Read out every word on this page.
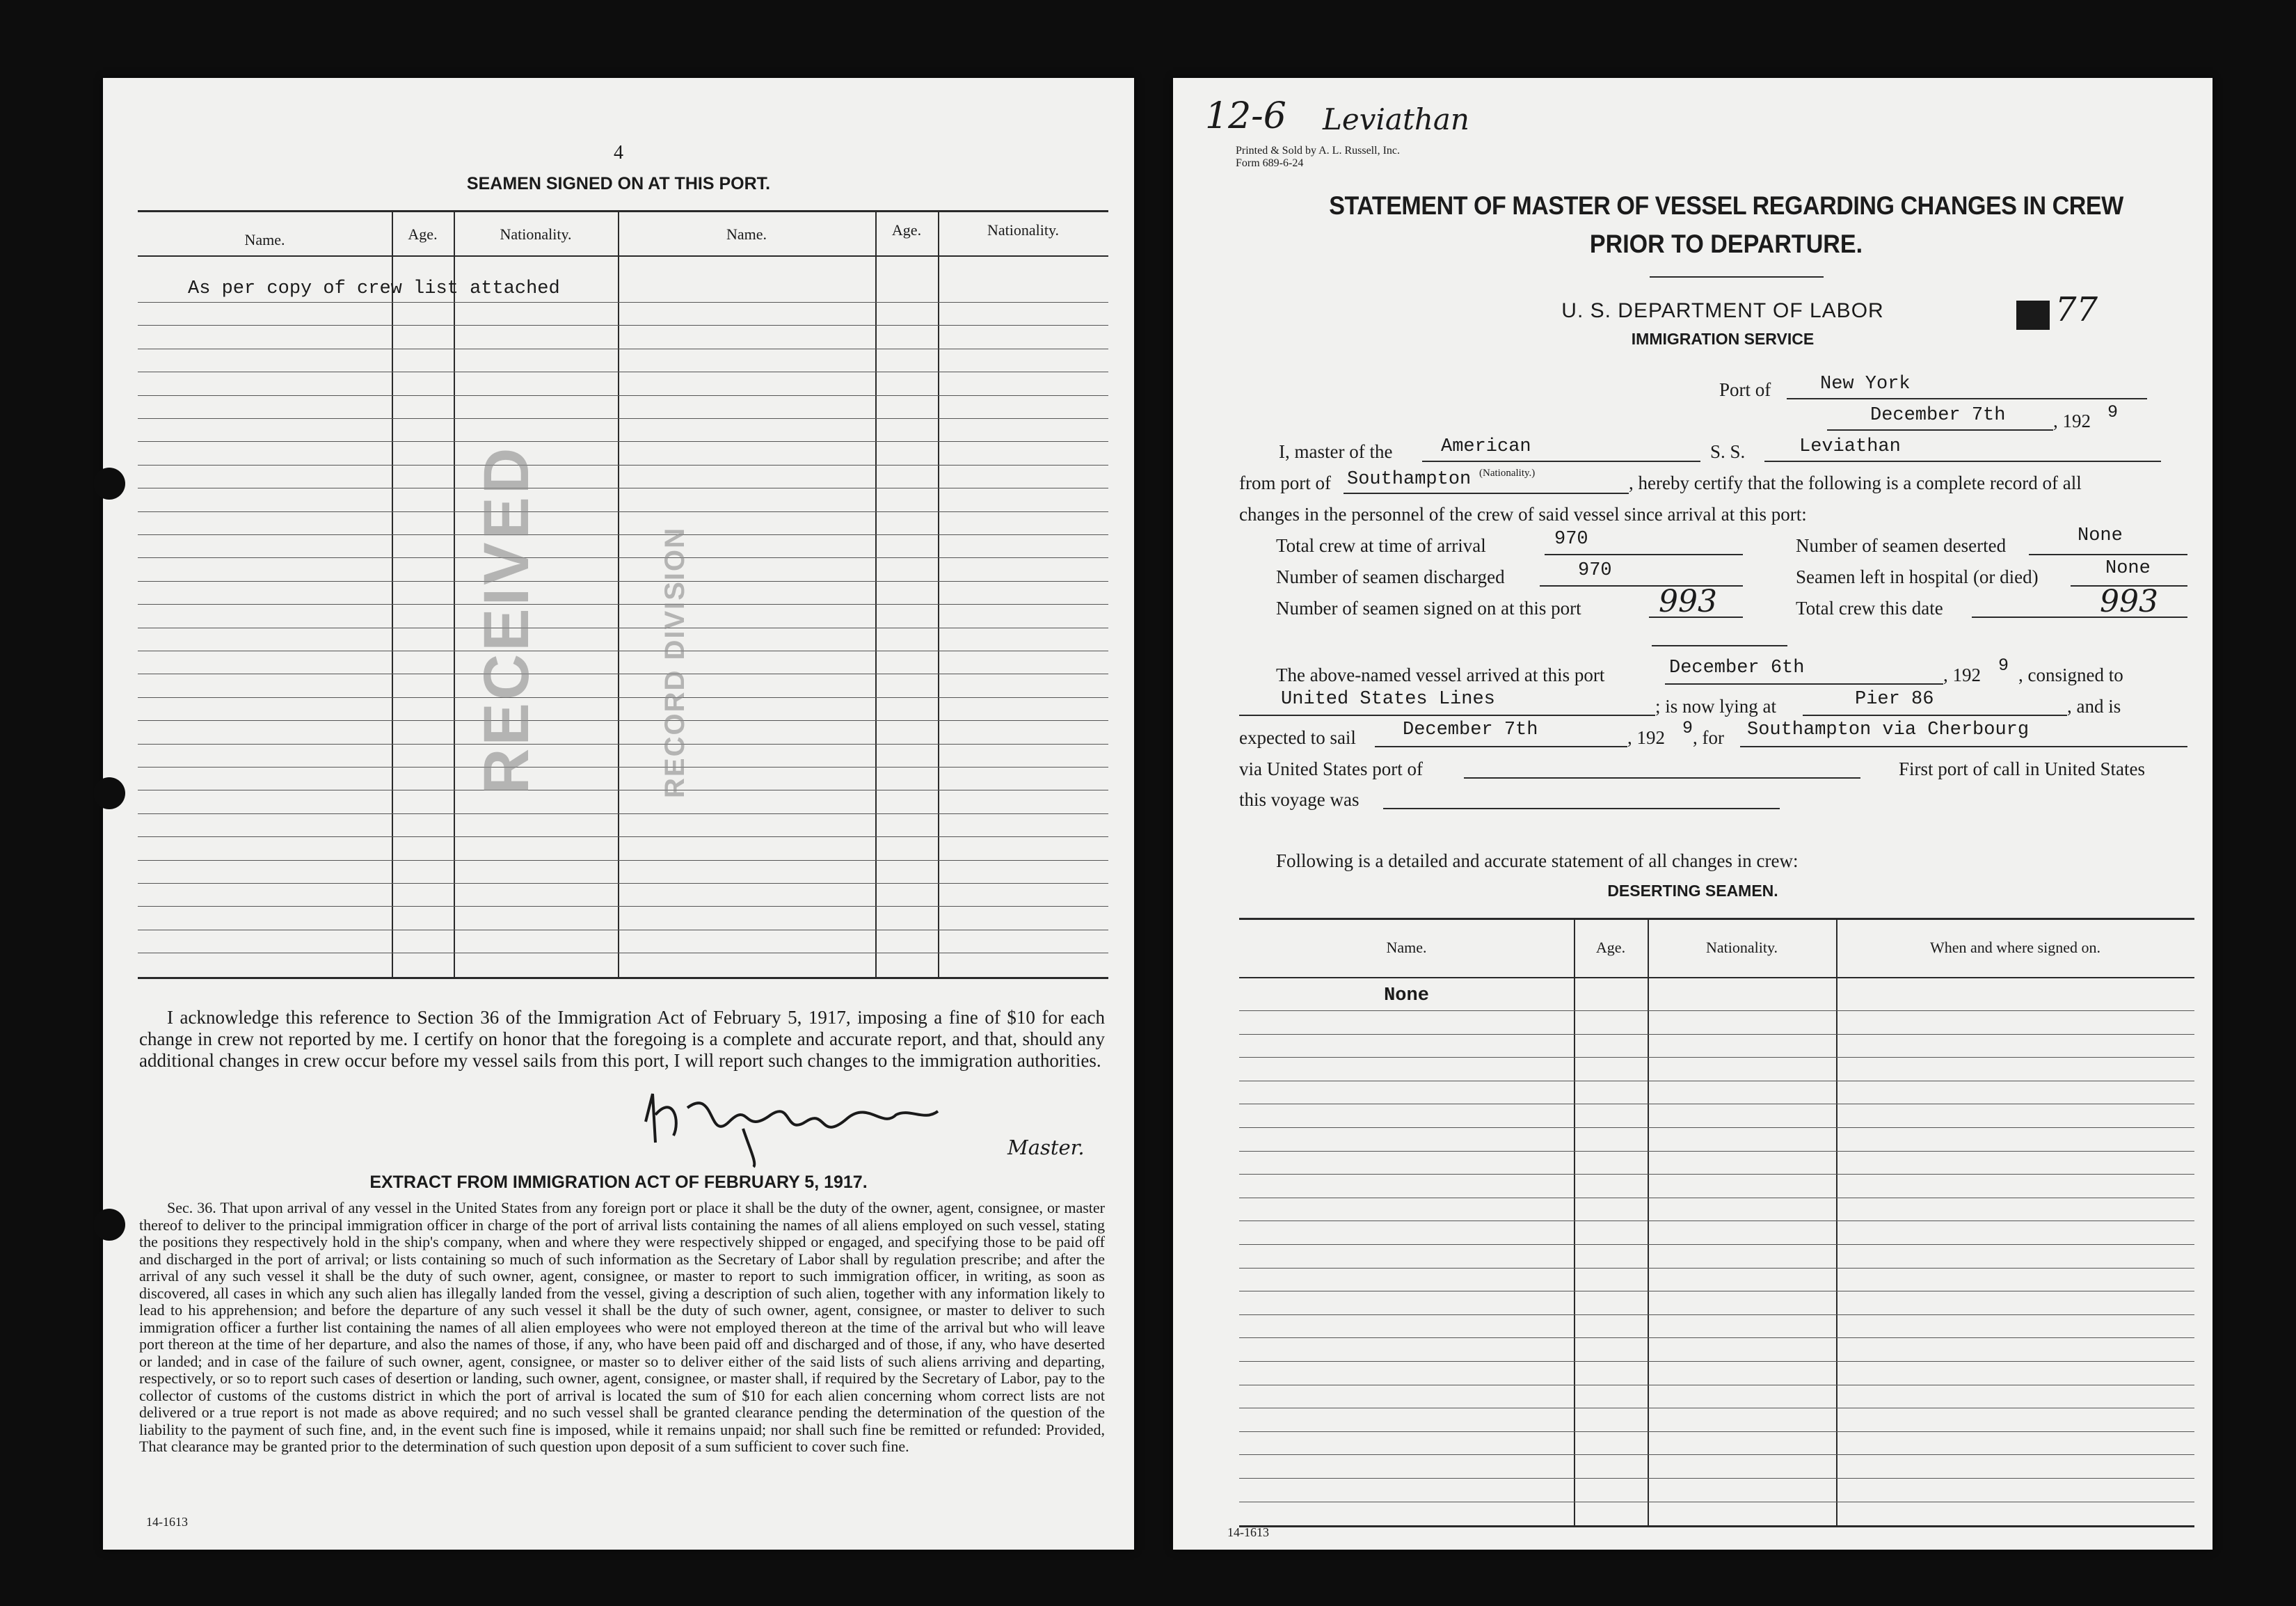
4
SEAMEN SIGNED ON AT THIS PORT.
Name.	Age.	Nationality.	Name.	Age.	Nationality.
As per copy of crew list attached
RECEIVED	RECORD DIVISION
I acknowledge this reference to Section 36 of the Immigration Act of February 5, 1917, imposing a fine of $10 for each change in crew not reported by me. I certify on honor that the foregoing is a complete and accurate report, and that, should any additional changes in crew occur before my vessel sails from this port, I will report such changes to the immigration authorities.
Master.
EXTRACT FROM IMMIGRATION ACT OF FEBRUARY 5, 1917.
Sec. 36. That upon arrival of any vessel in the United States from any foreign port or place it shall be the duty of the owner, agent, consignee, or master thereof to deliver to the principal immigration officer in charge of the port of arrival lists containing the names of all aliens employed on such vessel, stating the positions they respectively hold in the ship's company, when and where they were respectively shipped or engaged, and specifying those to be paid off and discharged in the port of arrival; or lists containing so much of such information as the Secretary of Labor shall by regulation prescribe; and after the arrival of any such vessel it shall be the duty of such owner, agent, consignee, or master to report to such immigration officer, in writing, as soon as discovered, all cases in which any such alien has illegally landed from the vessel, giving a description of such alien, together with any information likely to lead to his apprehension; and before the departure of any such vessel it shall be the duty of such owner, agent, consignee, or master to deliver to such immigration officer a further list containing the names of all alien employees who were not employed thereon at the time of the arrival but who will leave port thereon at the time of her departure, and also the names of those, if any, who have been paid off and discharged and of those, if any, who have deserted or landed; and in case of the failure of such owner, agent, consignee, or master so to deliver either of the said lists of such aliens arriving and departing, respectively, or so to report such cases of desertion or landing, such owner, agent, consignee, or master shall, if required by the Secretary of Labor, pay to the collector of customs of the customs district in which the port of arrival is located the sum of $10 for each alien concerning whom correct lists are not delivered or a true report is not made as above required; and no such vessel shall be granted clearance pending the determination of the question of the liability to the payment of such fine, and, in the event such fine is imposed, while it remains unpaid; nor shall such fine be remitted or refunded: Provided, That clearance may be granted prior to the determination of such question upon deposit of a sum sufficient to cover such fine.
14-1613
12-6 Leviathan
Printed & Sold by A. L. Russell, Inc.
Form 689-6-24
STATEMENT OF MASTER OF VESSEL REGARDING CHANGES IN CREW
PRIOR TO DEPARTURE.
U. S. DEPARTMENT OF LABOR
IMMIGRATION SERVICE
77
Port of	New York
December 7th	, 192 9
I, master of the	American	S. S.	Leviathan
from port of Southampton (Nationality.)	, hereby certify that the following is a complete record of all
changes in the personnel of the crew of said vessel since arrival at this port:
Total crew at time of arrival	970	Number of seamen deserted	None
Number of seamen discharged	970	Seamen left in hospital (or died)	None
Number of seamen signed on at this port	993	Total crew this date	993
The above-named vessel arrived at this port	December 6th	, 192 9 , consigned to
United States Lines	; is now lying at	Pier 86	, and is
expected to sail December 7th	, 192 9 , for Southampton via Cherbourg
via United States port of	First port of call in United States
this voyage was
Following is a detailed and accurate statement of all changes in crew:
DESERTING SEAMEN.
Name.	Age.	Nationality.	When and where signed on.
None
14-1613
